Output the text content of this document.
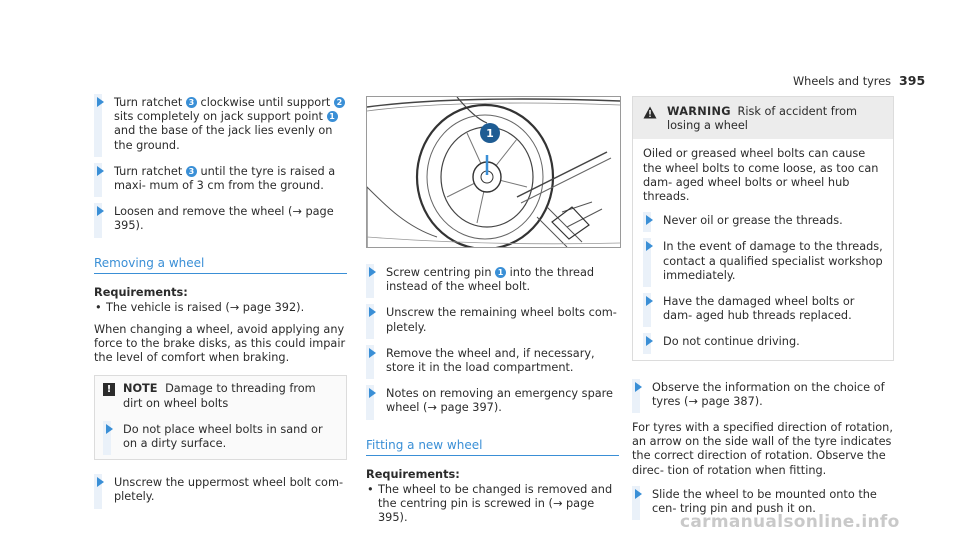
Wheels and tyres 395
Turn ratchet 3 clockwise until support 2 sits completely on jack support point 1 and the base of the jack lies evenly on the ground.
Turn ratchet 3 until the tyre is raised a maxi- mum of 3 cm from the ground.
Loosen and remove the wheel (→ page 395).
Removing a wheel
Requirements:
• The vehicle is raised (→ page 392).
When changing a wheel, avoid applying any force to the brake disks, as this could impair the level of comfort when braking.
!	NOTE Damage to threading from dirt on wheel bolts
Do not place wheel bolts in sand or on a dirty surface.
Unscrew the uppermost wheel bolt com- pletely.
1
Screw centring pin 1 into the thread instead of the wheel bolt.
Unscrew the remaining wheel bolts com- pletely.
Remove the wheel and, if necessary, store it in the load compartment.
Notes on removing an emergency spare wheel (→ page 397).
Fitting a new wheel
Requirements:
• The wheel to be changed is removed and the centring pin is screwed in (→ page 395).
WARNING Risk of accident from losing a wheel
Oiled or greased wheel bolts can cause the wheel bolts to come loose, as too can dam- aged wheel bolts or wheel hub threads.
Never oil or grease the threads.
In the event of damage to the threads, contact a qualified specialist workshop immediately.
Have the damaged wheel bolts or dam- aged hub threads replaced.
Do not continue driving.
Observe the information on the choice of tyres (→ page 387).
For tyres with a specified direction of rotation, an arrow on the side wall of the tyre indicates the correct direction of rotation. Observe the direc- tion of rotation when fitting.
Slide the wheel to be mounted onto the cen- tring pin and push it on.
carmanualsonline.info
